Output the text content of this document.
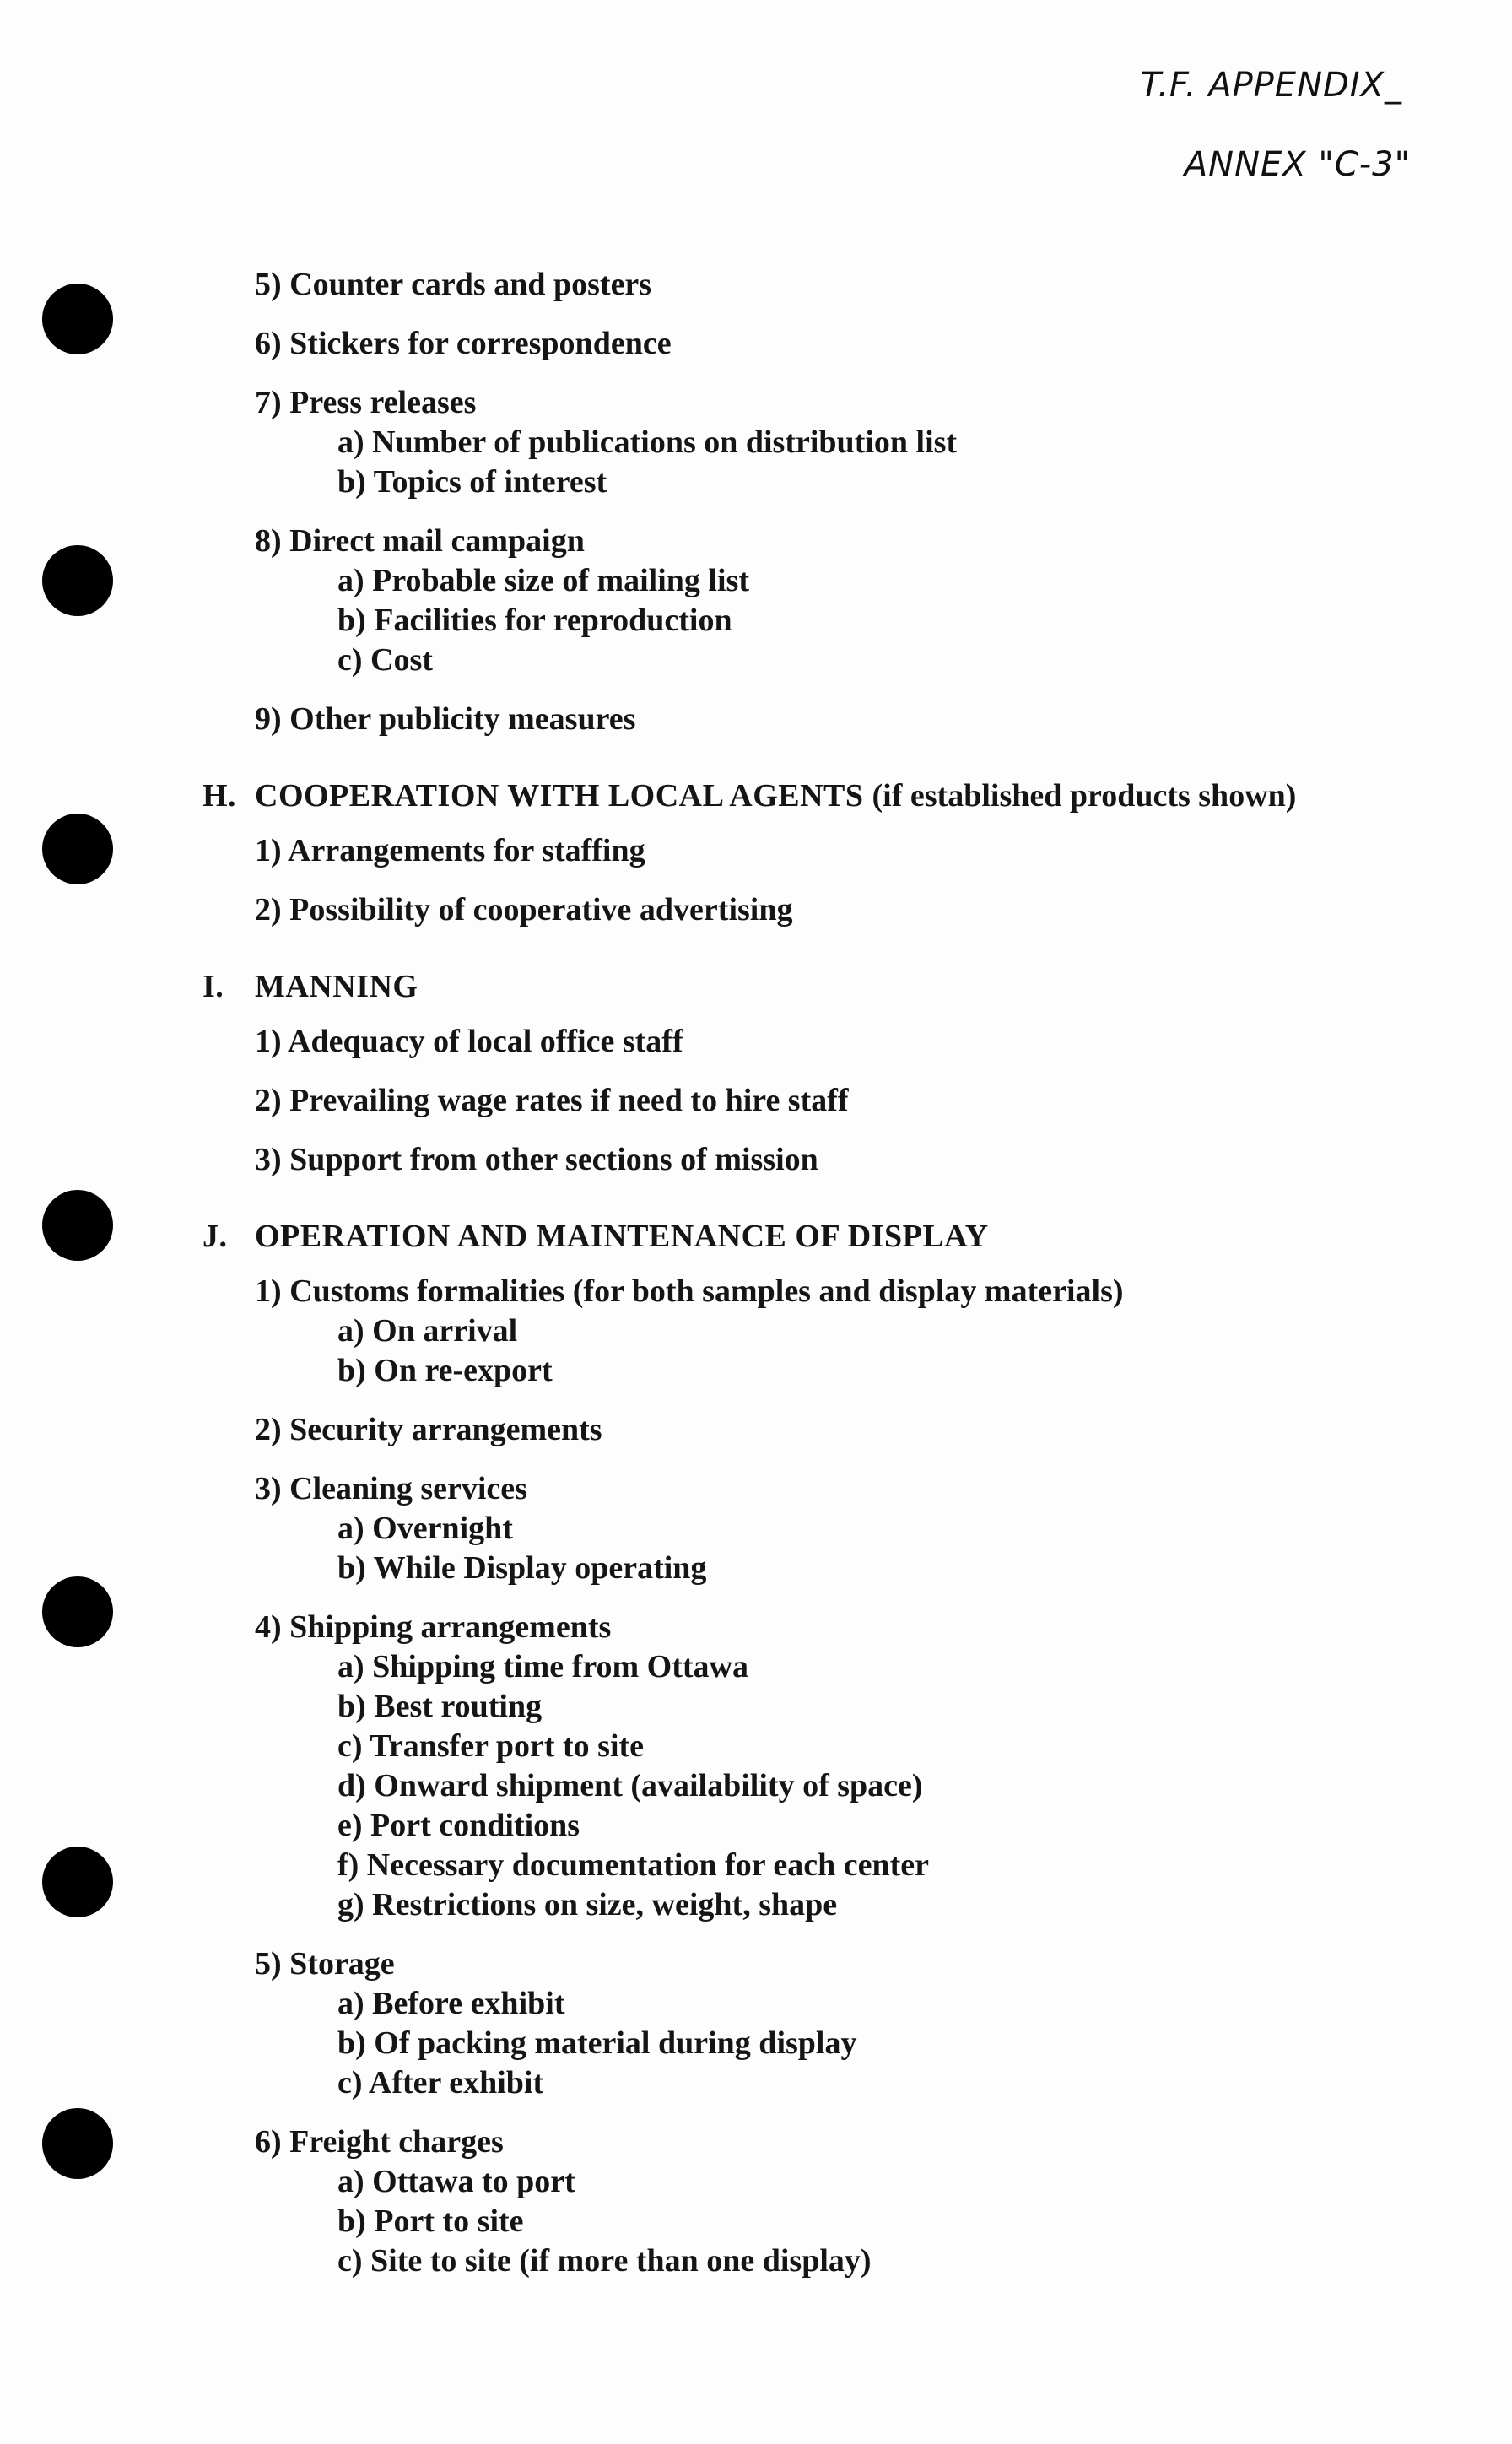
T.F. APPENDIX_
ANNEX "C-3"
5) Counter cards and posters
6) Stickers for correspondence
7) Press releases
a) Number of publications on distribution list
b) Topics of interest
8) Direct mail campaign
a) Probable size of mailing list
b) Facilities for reproduction
c) Cost
9) Other publicity measures
H. COOPERATION WITH LOCAL AGENTS (if established products shown)
1) Arrangements for staffing
2) Possibility of cooperative advertising
I. MANNING
1) Adequacy of local office staff
2) Prevailing wage rates if need to hire staff
3) Support from other sections of mission
J. OPERATION AND MAINTENANCE OF DISPLAY
1) Customs formalities (for both samples and display materials)
a) On arrival
b) On re-export
2) Security arrangements
3) Cleaning services
a) Overnight
b) While Display operating
4) Shipping arrangements
a) Shipping time from Ottawa
b) Best routing
c) Transfer port to site
d) Onward shipment (availability of space)
e) Port conditions
f) Necessary documentation for each center
g) Restrictions on size, weight, shape
5) Storage
a) Before exhibit
b) Of packing material during display
c) After exhibit
6) Freight charges
a) Ottawa to port
b) Port to site
c) Site to site (if more than one display)
